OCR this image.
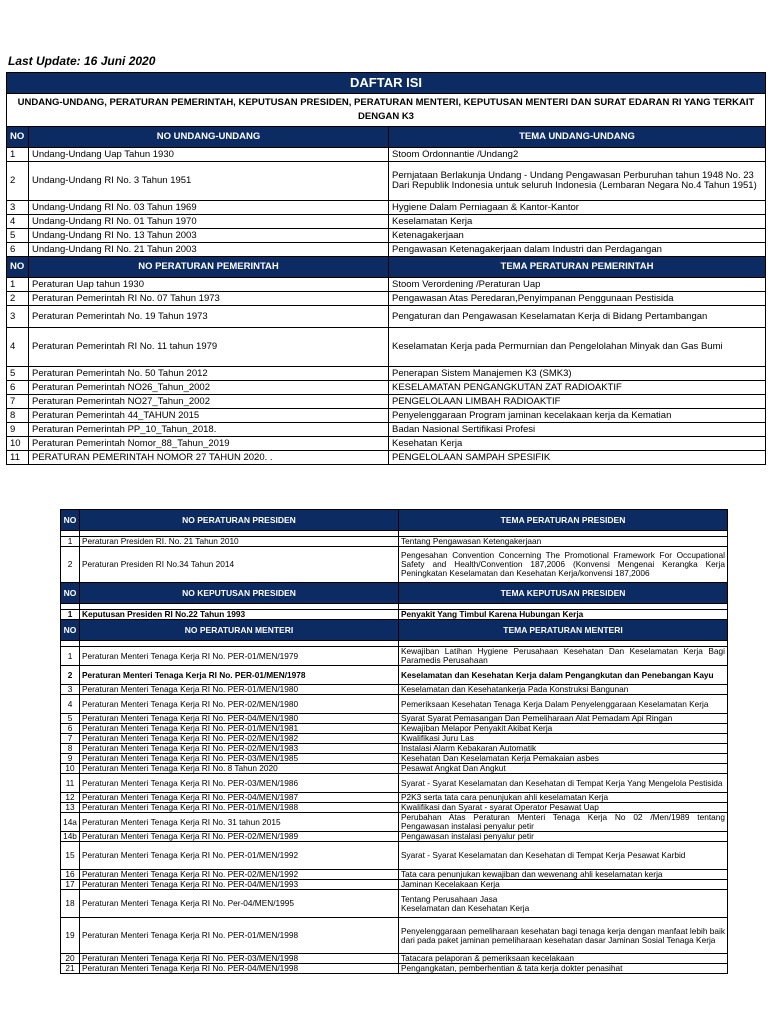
Last Update: 16 Juni 2020
DAFTAR ISI		
UNDANG-UNDANG, PERATURAN PEMERINTAH, KEPUTUSAN PRESIDEN, PERATURAN MENTERI, KEPUTUSAN MENTERI DAN SURAT EDARAN RI YANG TERKAIT DENGAN K3		
NO	NO UNDANG-UNDANG	TEMA UNDANG-UNDANG
1	Undang-Undang Uap Tahun 1930	Stoom Ordonnantie /Undang2
2	Undang-Undang RI No. 3 Tahun 1951	Pernjataan Berlakunja Undang - Undang Pengawasan Perburuhan tahun 1948 No. 23 Dari Republik Indonesia untuk seluruh Indonesia (Lembaran Negara No.4 Tahun 1951)
3	Undang-Undang RI No. 03 Tahun 1969	Hygiene Dalam Perniagaan & Kantor-Kantor
4	Undang-Undang RI No. 01 Tahun 1970	Keselamatan Kerja
5	Undang-Undang RI No. 13 Tahun 2003	Ketenagakerjaan
6	Undang-Undang RI No. 21 Tahun 2003	Pengawasan Ketenagakerjaan dalam Industri dan Perdagangan
NO	NO PERATURAN PEMERINTAH	TEMA PERATURAN PEMERINTAH
1	Peraturan Uap tahun 1930	Stoom Verordening /Peraturan Uap
2	Peraturan Pemerintah RI No. 07 Tahun 1973	Pengawasan Atas Peredaran,Penyimpanan Penggunaan Pestisida
3	Peraturan Pemerintah No. 19 Tahun 1973	Pengaturan dan Pengawasan Keselamatan Kerja di Bidang Pertambangan
4	Peraturan Pemerintah RI No. 11 tahun 1979	Keselamatan Kerja pada Permurnian dan Pengelolahan Minyak dan Gas Bumi
5	Peraturan Pemerintah No. 50 Tahun 2012	Penerapan Sistem Manajemen K3 (SMK3)
6	Peraturan Pemerintah NO26_Tahun_2002	KESELAMATAN PENGANGKUTAN ZAT RADIOAKTIF
7	Peraturan Pemerintah NO27_Tahun_2002	PENGELOLAAN LIMBAH RADIOAKTIF
8	Peraturan Pemerintah 44_TAHUN 2015	Penyelenggaraan Program jaminan kecelakaan kerja da Kematian
9	Peraturan Pemerintah PP_10_Tahun_2018.	Badan Nasional Sertifikasi Profesi
10	Peraturan Pemerintah Nomor_88_Tahun_2019	Kesehatan Kerja
11	PERATURAN PEMERINTAH NOMOR 27 TAHUN 2020. .	PENGELOLAAN SAMPAH SPESIFIK
NO	NO PERATURAN PRESIDEN	TEMA PERATURAN PRESIDEN

1	Peraturan Presiden RI. No. 21 Tahun 2010	Tentang Pengawasan Ketengakerjaan
2	Peraturan Presiden RI No.34 Tahun 2014	Pengesahan Convention Concerning The Promotional Framework For Occupational Safety and Health/Convention 187,2006 (Konvensi Mengenai Kerangka Kerja Peningkatan Keselamatan dan Kesehatan Kerja/konvensi 187,2006
NO	NO KEPUTUSAN PRESIDEN	TEMA KEPUTUSAN PRESIDEN

1	Keputusan Presiden RI No.22 Tahun 1993	Penyakit Yang Timbul Karena Hubungan Kerja
NO	NO PERATURAN MENTERI	TEMA PERATURAN MENTERI

1	Peraturan Menteri Tenaga Kerja RI No. PER-01/MEN/1979	Kewajiban Latihan Hygiene Perusahaan Kesehatan Dan Keselamatan Kerja Bagi Paramedis Perusahaan
2	Peraturan Menteri Tenaga Kerja RI No. PER-01/MEN/1978	Keselamatan dan Kesehatan Kerja dalam Pengangkutan dan Penebangan Kayu
3	Peraturan Menteri Tenaga Kerja RI No. PER-01/MEN/1980	Keselamatan dan Kesehatankerja Pada Konstruksi Bangunan
4	Peraturan Menteri Tenaga Kerja RI No. PER-02/MEN/1980	Pemeriksaan Kesehatan Tenaga Kerja Dalam Penyelenggaraan Keselamatan Kerja
5	Peraturan Menteri Tenaga Kerja RI No. PER-04/MEN/1980	Syarat Syarat Pemasangan Dan Pemeliharaan Alat Pemadam Api Ringan
6	Peraturan Menteri Tenaga Kerja RI No. PER-01/MEN/1981	Kewajiban Melapor Penyakit Akibat Kerja
7	Peraturan Menteri Tenaga Kerja RI No. PER-02/MEN/1982	Kwalifikasi Juru Las
8	Peraturan Menteri Tenaga Kerja RI No. PER-02/MEN/1983	Instalasi Alarm Kebakaran Automatik
9	Peraturan Menteri Tenaga Kerja RI No. PER-03/MEN/1985	Kesehatan Dan Keselamatan Kerja Pemakaian asbes
10	Peraturan Menteri Tenaga Kerja RI No. 8 Tahun 2020	Pesawat Angkat Dan Angkut
11	Peraturan Menteri Tenaga Kerja RI No. PER-03/MEN/1986	Syarat - Syarat Keselamatan dan Kesehatan di Tempat Kerja Yang Mengelola Pestisida
12	Peraturan Menteri Tenaga Kerja RI No. PER-04/MEN/1987	P2K3 serta tata cara penunjukan ahli keselamatan Kerja
13	Peraturan Menteri Tenaga Kerja RI No. PER-01/MEN/1988	Kwalifikasi dan Syarat - syarat Operator Pesawat Uap
14a	Peraturan Menteri Tenaga Kerja RI No. 31 tahun 2015	Perubahan Atas Peraturan Menteri Tenaga Kerja No 02 /Men/1989 tentang Pengawasan instalasi penyalur petir
14b	Peraturan Menteri Tenaga Kerja RI No. PER-02/MEN/1989	Pengawasan instalasi penyalur petir
15	Peraturan Menteri Tenaga Kerja RI No. PER-01/MEN/1992	Syarat - Syarat Keselamatan dan Kesehatan di Tempat Kerja Pesawat Karbid
16	Peraturan Menteri Tenaga Kerja RI No. PER-02/MEN/1992	Tata cara penunjukan kewajiban dan wewenang ahli keselamatan kerja
17	Peraturan Menteri Tenaga Kerja RI No. PER-04/MEN/1993	Jaminan Kecelakaan Kerja
18	Peraturan Menteri Tenaga Kerja RI No. Per-04/MEN/1995	Tentang Perusahaan Jasa
Keselamatan dan Kesehatan Kerja
19	Peraturan Menteri Tenaga Kerja RI No. PER-01/MEN/1998	Penyelenggaraan pemeliharaan kesehatan bagi tenaga kerja dengan manfaat lebih baik dari pada paket jaminan pemeliharaan kesehatan dasar Jaminan Sosial Tenaga Kerja
20	Peraturan Menteri Tenaga Kerja RI No. PER-03/MEN/1998	Tatacara pelaporan & pemeriksaan kecelakaan
21	Peraturan Menteri Tenaga Kerja RI No. PER-04/MEN/1998	Pengangkatan, pemberhentian & tata kerja dokter penasihat
